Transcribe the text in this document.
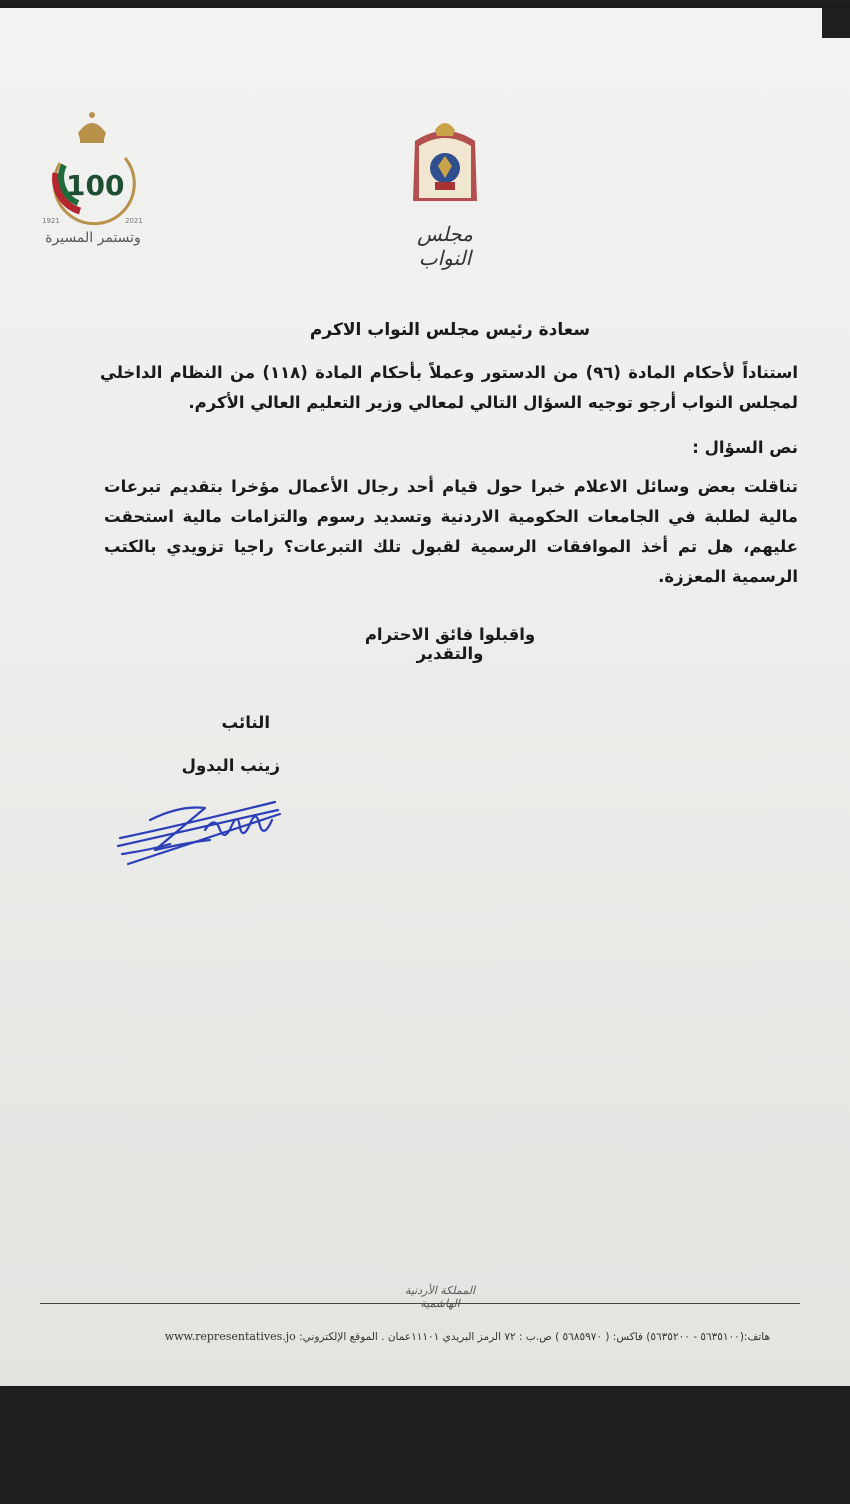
100
1921	2021
وتستمر المسيرة	مجلس النواب
سعادة رئيس مجلس النواب الاكرم
استناداً لأحكام المادة (٩٦) من الدستور وعملاً بأحكام المادة (١١٨) من النظام الداخلي لمجلس النواب أرجو توجيه السؤال التالي لمعالي وزير التعليم العالي الأكرم.
نص السؤال :
تناقلت بعض وسائل الاعلام خبرا حول قيام أحد رجال الأعمال مؤخرا بتقديم تبرعات مالية لطلبة في الجامعات الحكومية الاردنية وتسديد رسوم والتزامات مالية استحقت عليهم، هل تم أخذ الموافقات الرسمية لقبول تلك التبرعات؟ راجيا تزويدي بالكتب الرسمية المعززة.
واقبلوا فائق الاحترام والتقدير
النائب
زينب البدول
المملكة الأردنية الهاشمية
www.representatives.jo هاتف:(٥٦٣٥١٠٠ - ٥٦٣٥٢٠٠) فاكس: ( ٥٦٨٥٩٧٠ ) ص.ب : ٧٢ الرمز البريدي ١١١٠١عمان . الموقع الإلكتروني:
